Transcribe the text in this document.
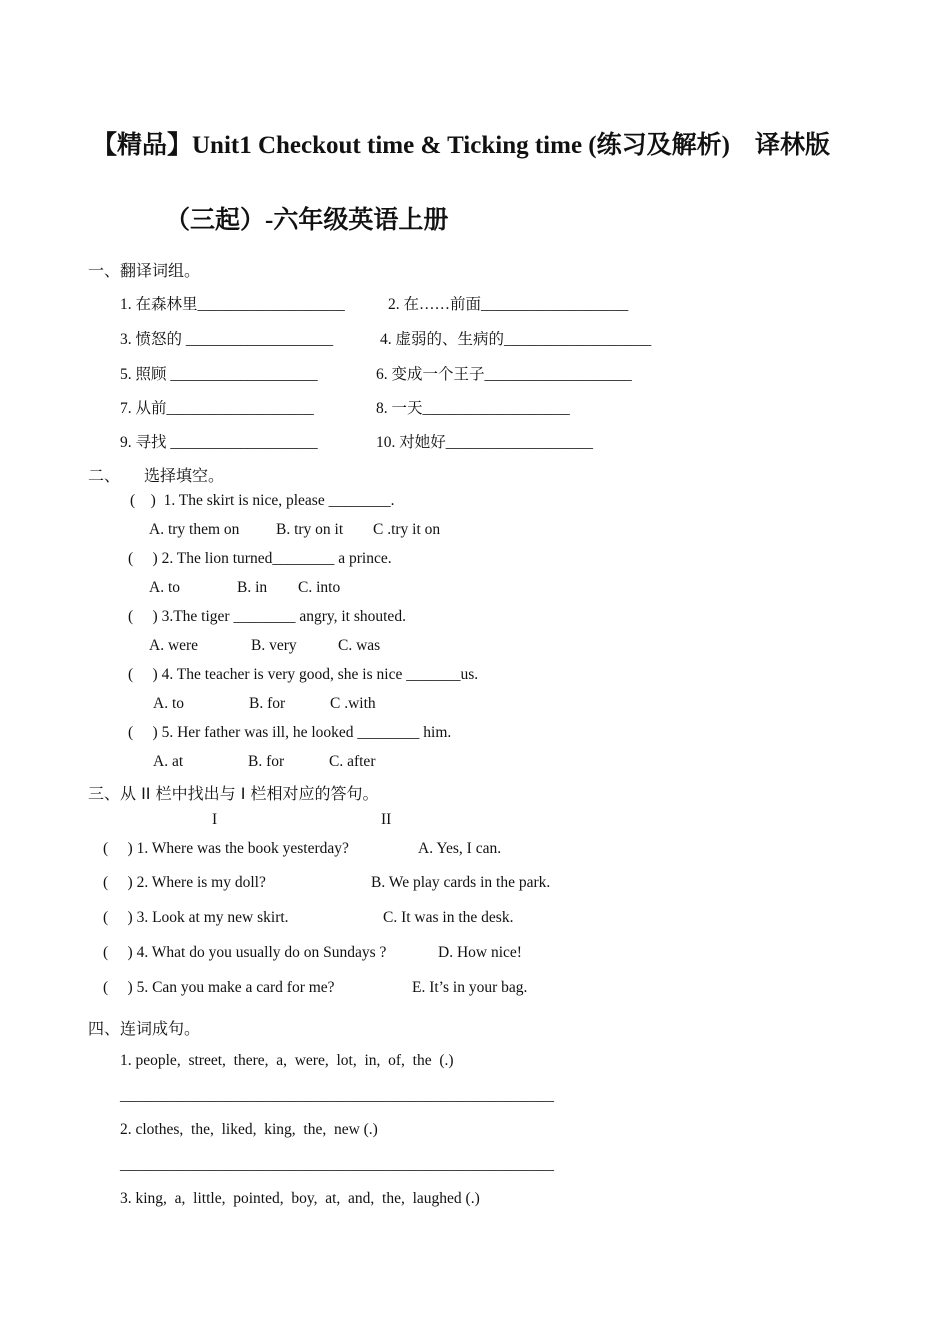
【精品】Unit1 Checkout time & Ticking time (练习及解析)　译林版
（三起）-六年级英语上册
一、翻译词组。
1. 在森林里___________________	2. 在……前面___________________
3. 愤怒的 ___________________	4. 虚弱的、生病的___________________
5. 照顾 ___________________	6. 变成一个王子___________________
7. 从前___________________	8. 一天___________________
9. 寻找 ___________________	10. 对她好___________________
二、　　选择填空。
(    )  1. The skirt is nice, please ________.
A. try them on B. try on it C .try it on
(     ) 2. The lion turned________ a prince.
A. to	B. in C. into
(     ) 3.The tiger ________ angry, it shouted.
A. were	B. very	C. was
(     ) 4. The teacher is very good, she is nice _______us.
A. to	B. for	C .with
(     ) 5. Her father was ill, he looked ________ him.
A. at	B. for	C. after
三、从 II 栏中找出与 I 栏相对应的答句。
I	II
(     ) 1. Where was the book yesterday?	A. Yes, I can.
(     ) 2. Where is my doll?	B. We play cards in the park.
(     ) 3. Look at my new skirt.	C. It was in the desk.
(     ) 4. What do you usually do on Sundays ?	D. How nice!
(     ) 5. Can you make a card for me?	E. It’s in your bag.
四、连词成句。
1. people,  street,  there,  a,  were,  lot,  in,  of,  the  (.)
________________________________________________________
2. clothes,  the,  liked,  king,  the,  new (.)
________________________________________________________
3. king,  a,  little,  pointed,  boy,  at,  and,  the,  laughed (.)
